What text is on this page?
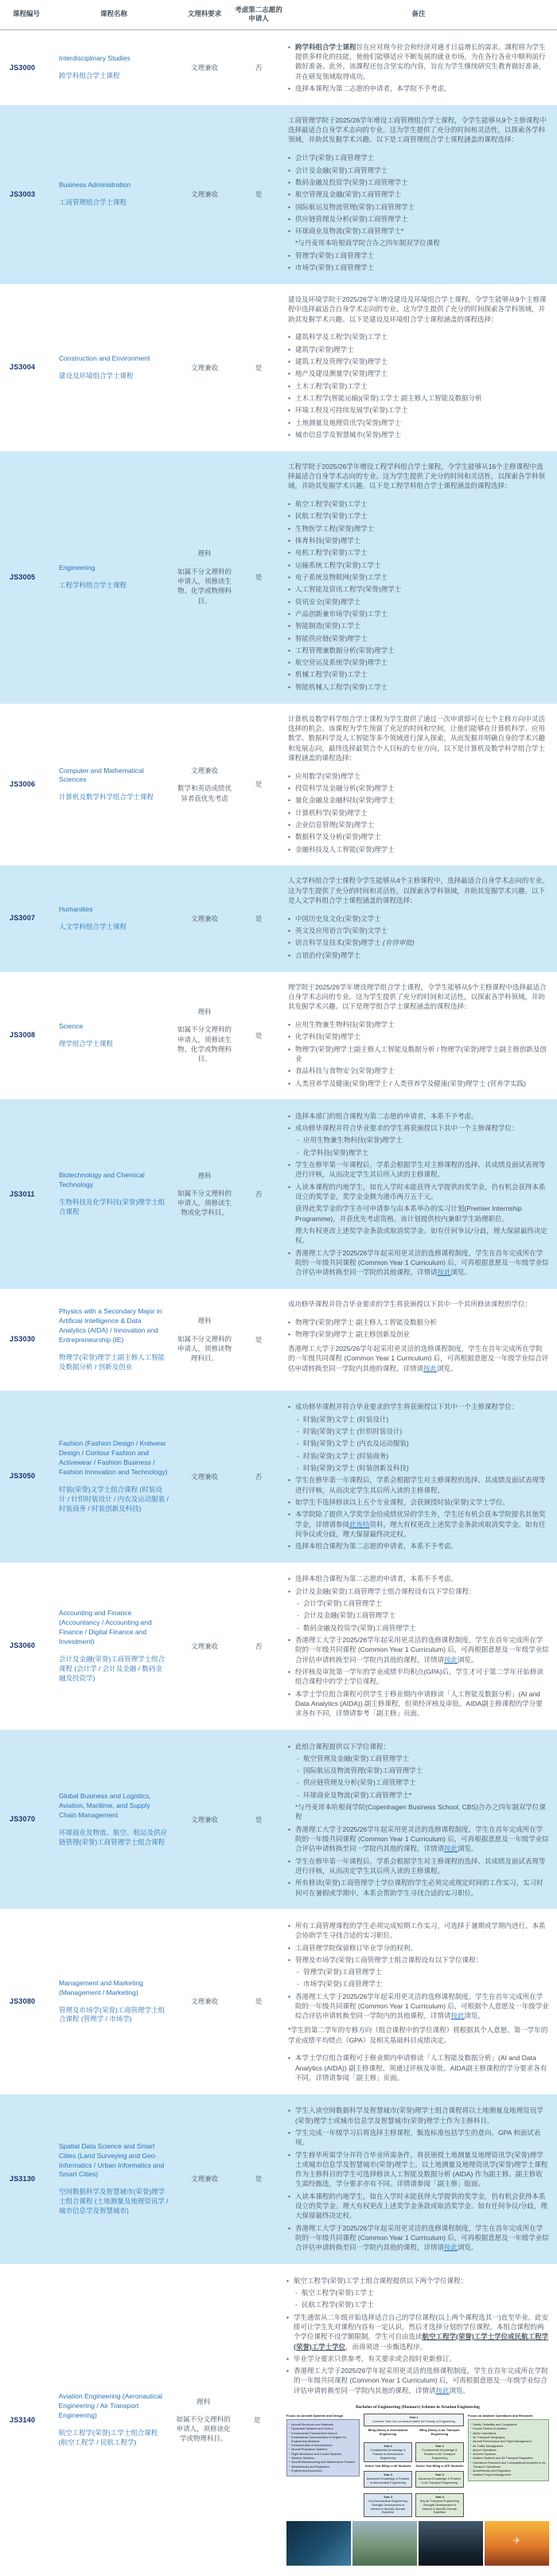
课程编号	课程名称	文理科要求
考虑第二志愿的申请人
备注
JS3000
Interdisciplinary Studies
跨学科组合学士课程
文理兼收	否
• 跨学科组合学士课程旨在应对现今社会和经济对通才日益增长的需求。課程将为学生提供多样化的技能，使他们能够适应不断发展的就业市场，为在各行各业中顺利前行做好准备。此外，该課程还包含坚实的内容，旨在为学生继续研究生教育做好准备，并在研发领域取得成功。
• 选择本课程为第二志愿的申请者，本学院不予考虑。
JS3003
Business Administration
工商管理组合学士课程
文理兼收	是
工商管理学院于2025/26学年增设工商管理组合学士课程，令学生能够从9个主修课程中选择最适合自身学术志向的专业。这为学生提供了充分的时间和灵活性，以探索各学科领域，并助其发掘学术兴趣。以下是工商管理组合学士课程涵盖的课程选择：
• 会计学(荣誉)工商管理学士
• 会计及金融(荣誉)工商管理学士
• 数码金融及投资学(荣誉)工商管理学士
• 航空管理及金融(荣誉)工商管理学士
• 国际航运及物流管理(荣誉)工商管理学士
• 供应链管理及分析(荣誉)工商管理学士
• 环球商业及物流(荣誉)工商管理学士*
*与丹麦哥本哈根商学院合办之四年制双学位课程
• 管理学(荣誉)工商管理学士
• 市场学(荣誉)工商管理学士
JS3004
Construction and Environment
建设及环境组合学士课程
文理兼收	是
建设及环境学院于2025/26学年增设建设及环境组合学士课程，令学生能够从9个主修课程中选择最适合自身学术志向的专业。这为学生提供了充分的时间探索各学科领域，并助其发掘学术兴趣。以下是建设及环境组合学士课程涵盖的课程选择：
• 建筑科学及工程学(荣誉)工学士
• 建筑学(荣誉)理学士
• 建筑工程及管理学(荣誉)理学士
• 地产及建设测量学(荣誉)理学士
• 土木工程学(荣誉)工学士
• 土木工程学(智能运输)(荣誉)工学士 副主修人工智能及数据分析
• 环境工程及可持续发展学(荣誉)工学士
• 土地测量及地理资讯学(荣誉)理学士
• 城市信息学及智慧城市(荣誉)理学士
JS3005
Engineering
工程学科组合学士课程
理科
如属不分文理科的申请人，须修读生物、化学或物理科目。
是
工程学院于2025/26学年增设工程学科组合学士课程，令学生能够从16个主修课程中选择最适合自身学术志向的专业。这为学生提供了充分的时间和灵活性，以探索各学科领域，并助其发掘学术兴趣。以下是工程学科组合学士课程涵盖的课程选择：
• 航空工程学(荣誉)工学士
• 民航工程学(荣誉)工学士
• 生物医学工程(荣誉)理学士
• 体育科技(荣誉)理学士
• 电机工程学(荣誉)工学士
• 运输系统工程学(荣誉)工学士
• 电子系统及物联网(荣誉)工学士
• 人工智能及资讯工程学(荣誉)理学士
• 资讯安全(荣誉)理学士
• 产品创新兼市场学(荣誉)工学士
• 智能制造(荣誉)工学士
• 智能供应链(荣誉)理学士
• 工程管理兼数据分析(荣誉)理学士
• 航空营运及系统学(荣誉)理学士
• 机械工程学(荣誉)工学士
• 智能机械人工程学(荣誉)工学士
JS3006
Computer and Mathematical Sciences
计算机及数学科学组合学士课程
文理兼收
数学和英语成绩优异者获优先考虑
是
计算机及数学科学组合学士课程为学生提供了通过一次申请即可在七个主修方向中灵活选择的机会。该课程为学生预留了充足的时间和空间，让他们能够在计算机科学、应用数学、数据科学及人工智能等多个领域进行深入探索，从而发掘并明确自身的学术兴趣和发展志向，最终选择最契合个人目标的专业方向。以下是计算机及数学科学组合学士课程涵盖的课程选择：
• 应用数学(荣誉)理学士
• 投资科学及金融分析(荣誉)理学士
• 量化金融及金融科技(荣誉)理学士
• 计算机科学(荣誉)理学士
• 企业信息管理(荣誉)理学士
• 数据科学及分析(荣誉)理学士
• 金融科技及人工智能(荣誉)理学士
JS3007
Humanities
人文学科组合学士课程
文理兼收	是
人文学科组合学士课程令学生能够从4个主修课程中，选择最适合自身学术志向的专业。这为学生提供了充分的时间和灵活性，以探索各学科领域，并助其发掘学术兴趣。以下是人文学科组合学士课程涵盖的课程选择：
• 中国历史及文化(荣誉)文学士
• 英文及应用语言学(荣誉)文学士
• 语言科学及技术(荣誉)理学士 (有待审批)
• 言语治疗(荣誉)理学士
JS3008
Science
理学组合学士课程
理科
如属不分文理科的申请人，须修读生物、化学或物理科目。
是
理学院于2025/26学年增设理学组合学士课程，令学生能够从5个主修课程中选择最适合自身学术志向的专业。这为学生提供了充分的时间和灵活性，以探索各学科领域，并助其发掘学术兴趣。以下是理学组合学士课程涵盖的课程选择：
• 应用生物兼生物科技(荣誉)理学士
• 化学科技(荣誉)理学士
• 物理学(荣誉)理学士副主修人工智能及数据分析 / 物理学(荣誉)理学士副主修创新及创业
• 食品科技与食物安全(荣誉)理学士
• 人类营养学及健康(荣誉)理学士 / 人类营养学及健康(荣誉)理学士 (营养学实践)
JS3011
Biotechnology and Chemical Technology
生物科技及化学科技(荣誉)理学士组合课程
理科
如属不分文理科的申请人，须修读生物或化学科目。
否
• 选择本部门的组合课程为第二志愿的申请者，本系不予考虑。
• 成功修毕课程并符合毕业要求的学生将获颁授以下其中一个主修课程学位：
- 应用生物兼生物科技(荣誉)理学士
- 化学科技(荣誉)理学士
• 学生在修毕第一年课程后，学系会根据学生对主修课程的选择、其成绩及面试表现等进行评核，从而决定学生其后所入读的主修课程。
• 入读本课程的内地学生，如在入学时未能获得大学提供的奖学金，仍有机会获得本系设立的奖学金，奖学金金额为港币两万五千元。
获得此奖学金的学生亦可申请参与由本系举办的实习计划(Premier Internship Programme)，并获优先考虑资格。该计划提供校内兼职学生助理职位。
理大有权更改上述奖学金条款或取消奖学金。如有任何争议/分歧，理大保留最终决定权。
• 香港理工大学于2025/26学年起采用更灵活的选修课程制度，学生在首年完成所在学院的一年级共同课程 (Common Year 1 Curriculum) 后，可再根据意愿及一年级学业综合评估申请转换至同一学院的其他课程，详情请按此浏览。
JS3030
Physics with a Secondary Major in Artificial Intelligence & Data Analytics (AIDA) / Innovation and Entrepreneurship (IE)
物理学(荣誉)理学士副主修人工智能及数据分析 / 创新及创业
理科
如属不分文理科的申请人，须修读物理科目。
是
成功修毕课程并符合毕业要求的学生将获颁授以下其中一个其所修读课程的学位：
• 物理学(荣誉)理学士 副主修人工智能及数据分析
• 物理学(荣誉)理学士 副主修创新及创业
香港理工大学于2025/26学年起采用更灵活的选修课程制度，学生在首年完成所在学院的一年级共同课程 (Common Year 1 Curriculum) 后，可再根据意愿及一年级学业综合评估申请转换至同一学院内其他的课程，详情请按此浏览。
JS3050
Fashion (Fashion Design / Knitwear Design / Contour Fashion and Activewear / Fashion Business / Fashion Innovation and Technology)
时装(荣誉)文学士组合课程 (时装设计 / 针织时装设计 / 内衣及运动服装 / 时装商务 / 时装创新及科技)
文理兼收	否
• 成功修毕课程并符合毕业要求的学生将获颁授以下其中一个主修课程学位：
- 时装(荣誉)文学士 (时装设计)
- 时装(荣誉)文学士 (针织时装设计)
- 时装(荣誉)文学士 (内衣及运动服装)
- 时装(荣誉)文学士 (时装商务)
- 时装(荣誉)文学士 (时装创新及科技)
• 学生在修毕第一年课程后，学系会根据学生对主修课程的选择、其成绩及面试表现等进行评核，从而决定学生其后所入读的主修课程。
• 如学生不选择修读以上五个专业课程，会获颁授时装(荣誉)文学士学位。
• 本学院除了提供入学奖学金给成绩优异的学生外，学生还有机会获本学院提名其他奖学金，详情请参阅此连结资料。理大有权更改上述奖学金条款或取消奖学金。如有任何争议或分歧，理大保留最终决定权。
• 选择本组合课程为第二志愿的申请者，本系不予考虑。
JS3060
Accounting and Finance (Accountancy / Accounting and Finance / Digital Finance and Investment)
会计及金融(荣誉)工商管理学士组合课程 (会计学 / 会计及金融 / 数码金融及投资学)
文理兼收	否
• 选择本组合课程为第二志愿的申请者，本系不予考虑。
• 会计及金融(荣誉)工商管理学士组合课程设有以下学位课程：
- 会计学(荣誉)工商管理学士
- 会计及金融(荣誉)工商管理学士
- 数码金融及投资学(荣誉)工商管理学士
• 香港理工大学于2025/26学年起采用更灵活的选修课程制度，学生在首年完成所在学院的一年级共同课程 (Common Year 1 Curriculum) 后，可再根据意愿及一年级学业综合评估申请转换至同一学院内其他的课程，详情请按此浏览。
• 经评核及审批第一学年的学业成绩平均积点(GPA)后，学生才可于第二学年开始修读组合课程中的学士学位课程。
• 本学士学位组合课程可供学生于修业期内申请修读「人工智能及数据分析」(AI and Data Analytics (AIDA)) 副主修课程，但须经评核及审批。AIDA副主修课程的学分要求各有不同，详情请参考「副主修」页面。
JS3070
Global Business and Logistics, Aviation, Maritime, and Supply Chain Management
环球商业及物流、航空、航运及供应链管理(荣誉)工商管理学士组合课程
文理兼收	是
• 此组合课程提供以下学位课程：
- 航空管理及金融(荣誉)工商管理学士
- 国际航运及物流管理(荣誉)工商管理学士
- 供应链管理及分析(荣誉)工商管理学士
- 环球商业及物流(荣誉)工商管理学士*
*与丹麦哥本哈根商学院(Copenhagen Business School, CBS)合办之四年制双学位课程
• 香港理工大学于2025/26学年起采用更灵活的选修课程制度，学生在首年完成所在学院的一年级共同课程 (Common Year 1 Curriculum) 后，可再根据意愿及一年级学业综合评估申请转换至同一学院内其他的课程，详情请按此浏览。
• 学生在修毕第一年课程后，学系会根据学生对主修课程的选择、其成绩及面试表现等进行评核，从而决定学生其后所入读的主修课程。
• 所有修读(荣誉)工商管理学士学位课程的学生必须完成规定时间的工作实习，实习时间可在暑假或学期中。本系会帮助学生寻找合适的实习职位。
JS3080
Management and Marketing (Management / Marketing)
管理及市场学(荣誉)工商管理学士组合课程 (管理学 / 市场学)
文理兼收	是
• 所有工商管理课程的学生必须完成短期工作实习，可选择于暑期或学期内进行。本系会协助学生寻找合适的实习职位。
• 工商管理学院保留修订毕业学分的权利。
• 管理及市场学(荣誉)工商管理学士组合课程设有以下学位课程：
- 管理学(荣誉)工商管理学士
- 市场学(荣誉)工商管理学士
• 香港理工大学于2025/26学年起采用更灵活的选修课程制度。学生在首年完成所在学院的一年级共同课程 (Common Year 1 Curriculum) 后，可根据个人意愿及一年级学业综合评估申请转换至同一学院内的其他课程，详情请按此浏览。
*学生的第二学年的专修方向（组合课程中的学位课程）将根据其个人意愿、第一学年的学业成绩平均绩点（GPA）及相关基础科目成绩决定。
• 本学士学位组合课程可于修业期内申请修读「人工智能及数据分析」(AI and Data Analytics (AIDA)) 副主修课程。须通过评核及审批。AIDA副主修课程的学分要求各有不同，详情请参阅「副主修」页面。
JS3130
Spatial Data Science and Smart Cities (Land Surveying and Geo-Informatics / Urban Informatics and Smart Cities)
空间数据科学及智慧城市(荣誉)理学士组合课程 (土地测量及地理资讯学 / 城市信息学及智慧城市)
文理兼收	是
• 学生入读空间数据科学及智慧城市(荣誉)理学士组合课程将以土地测量及地理资讯学(荣誉)理学士或城市信息学及智慧城市(荣誉)理学士作为主修科目。
• 学生完成一年级学习后将选择主修课程，甄选标准包括学生的意向、GPA 和面试表现。
• 学生修毕所需学分并符合毕业所需条件，将获颁授土地测量及地理资讯学(荣誉)理学士或城市信息学及智慧城市(荣誉)理学士。以土地测量及地理资讯学(荣誉)理学士课程作为主修科目的学生可选择修读人工智能及数据分析 (AIDA) 作为副主修。副主修收生需经甄选，学分要求亦有不同。详情请参阅「副主修」版面。
• 入读本课程的内地学生，如在入学时未能获得大学提供的奖学金，仍有机会获得本系设立的奖学金。理大有权更改上述奖学金条款或取消奖学金。如有任何争议/分歧，理大保留最终决定权。
• 香港理工大学于2025/26学年起采用更灵活的选修课程制度，学生在首年完成所在学院的一年级共同课程 (Common Year 1 Curriculum) 后，可再根据意愿及一年级学业综合评估申请转换至同一学院内其他的课程，详情请按此浏览。
JS3140
Aviation Engineering (Aeronautical Engineering / Air Transport Engineering)
航空工程学(荣誉)工学士组合课程 (航空工程学 / 民航工程学)
理科
如属不分文理科的申请人，须修读化学或物理科目。
是
• 航空工程学(荣誉)工学士组合课程提供以下两个学位课程：
- 航空工程学(荣誉)工学士
- 民航工程学(荣誉)工学士
• 学生通常从二年级开始选择适合自己的学位课程(以上两个课程选其一)直至毕业。此安排可让学生先对课程内容有一定认识，然后才选择分划的学位课程。本组合课程的两个学位课程不设学额限制，学生可自由选读航空工程学(荣誉)工学士学位或民航工程学(荣誉)工学士学位，而毋须进一步甄选程序。
• 毕业学分要求只供参考，有关要求或会按时更新修订。
• 香港理工大学于2025/26学年起采用更灵活的选修课程制度，学生在首年完成所在学院的一年级共同课程 (Common Year 1 Curriculum) 后，可再根据意愿及一年级学业综合评估申请转换至同一学院内其他的课程，详情请按此浏览。
Bachelor of Engineering (Honours) Scheme in Aviation Engineering
Focus on Aircraft Systems and Design
▪ Aircraft Structures and Materials
▪ Dynamical Systems and Control
▪ Fundamental Thermal-fluid Science
▪ Professional Communication in English for Engineering Students
▪ Fundamentals of Aerodynamics
▪ Aircraft Propulsion Systems
▪ Flight Mechanics and Control Systems
▪ Avionics Systems
▪ Aircraft Manufacturing and Maintenance Practice
▪ Airworthiness and Regulation
▪ Engineering Economics
Year 1
Common Year One curriculum within the Faculty of Engineering
BEng (Hons) in Aeronautical Engineering
↓
Year 2
Fundamental Knowledge & Practice in Aeronautical Engineering
Senior Year BEng in AE Students
Year 3
Advanced Knowledge & Practice in Aeronautical Engineering
↓
Year 4
Key Aeronautical Engineering Strength Development of Interest in Specific Domain Expertise
BEng (Hons) in Air Transport Engineering
↓
Year 2
Fundamental Knowledge & Practice in Air Transport Engineering
Senior Year BEng in ATE Students
Year 3
Advanced Knowledge & Practice in Air Transport Engineering
↓
Year 4
Key Air Transport Engineering Strength Development of Interest in Specific Domain Expertise
Focus on Aviation Operations and Research
▪ Safety, Reliability and Compliance
▪ Human Factors in Aviation
▪ Airline Operations
▪ Air Transport Geography
▪ Aircraft Performance and Flight Management
▪ Air Traffic Management
▪ Airport Operations
▪ Avionics Systems
▪ Aviation Systems and Air Transport Regulation
▪ Operations Research and Computational Analytics in Air Transport Operations
▪ Airworthiness and Regulation
▪ Aviation Project Management
✈
